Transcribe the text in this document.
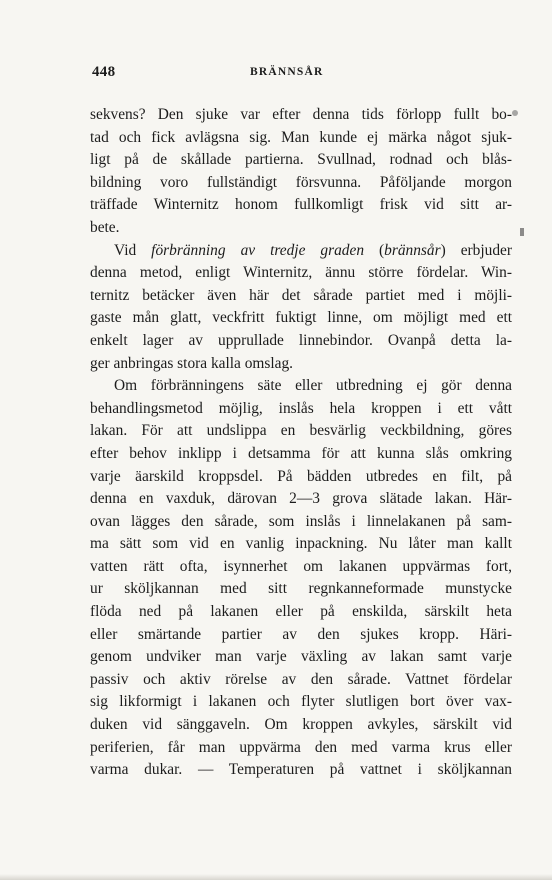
448	BRÄNNSÅR
sekvens? Den sjuke var efter denna tids förlopp fullt bo-
tad och fick avlägsna sig. Man kunde ej märka något sjuk-
ligt på de skållade partierna. Svullnad, rodnad och blås-
bildning voro fullständigt försvunna. Påföljande morgon
träffade Winternitz honom fullkomligt frisk vid sitt ar-
bete.
Vid förbränning av tredje graden (brännsår) erbjuder
denna metod, enligt Winternitz, ännu större fördelar. Win-
ternitz betäcker även här det sårade partiet med i möjli-
gaste mån glatt, veckfritt fuktigt linne, om möjligt med ett
enkelt lager av upprullade linnebindor. Ovanpå detta la-
ger anbringas stora kalla omslag.
Om förbränningens säte eller utbredning ej gör denna
behandlingsmetod möjlig, inslås hela kroppen i ett vått
lakan. För att undslippa en besvärlig veckbildning, göres
efter behov inklipp i detsamma för att kunna slås omkring
varje äarskild kroppsdel. På bädden utbredes en filt, på
denna en vaxduk, därovan 2—3 grova slätade lakan. Här-
ovan lägges den sårade, som inslås i linnelakanen på sam-
ma sätt som vid en vanlig inpackning. Nu låter man kallt
vatten rätt ofta, isynnerhet om lakanen uppvärmas fort,
ur sköljkannan med sitt regnkanneformade munstycke
flöda ned på lakanen eller på enskilda, särskilt heta
eller smärtande partier av den sjukes kropp. Häri-
genom undviker man varje växling av lakan samt varje
passiv och aktiv rörelse av den sårade. Vattnet fördelar
sig likformigt i lakanen och flyter slutligen bort över vax-
duken vid sänggaveln. Om kroppen avkyles, särskilt vid
periferien, får man uppvärma den med varma krus eller
varma dukar. — Temperaturen på vattnet i sköljkannan
